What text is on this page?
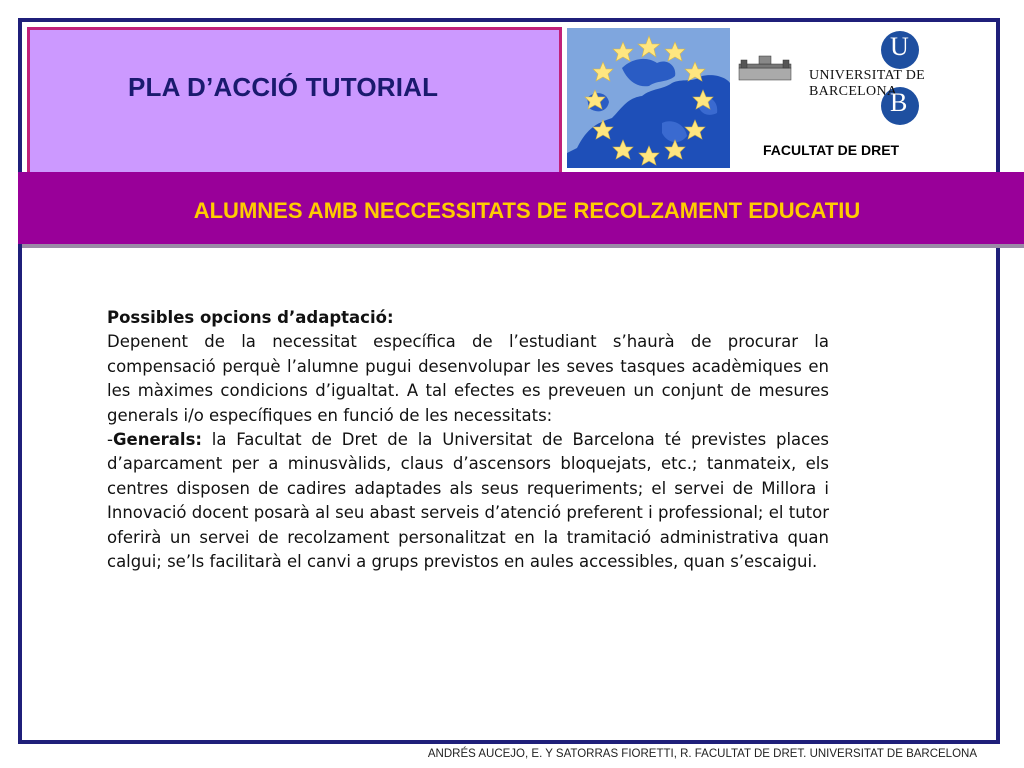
PLA D’ACCIÓ TUTORIAL
U
UNIVERSITAT DE BARCELONA
B
FACULTAT DE DRET
ALUMNES AMB NECCESSITATS DE RECOLZAMENT EDUCATIU

Possibles opcions d’adaptació:

Depenent de la necessitat específica de l’estudiant s’haurà de procurar la compensació perquè l’alumne pugui desenvolupar les seves tasques acadèmiques en les màximes condicions d’igualtat. A tal efectes es preveuen un conjunt de mesures generals i/o específiques en funció de les necessitats:

-Generals: la Facultat de Dret de la Universitat de Barcelona té previstes places d’aparcament per a minusvàlids, claus d’ascensors bloquejats, etc.; tanmateix, els centres disposen de cadires adaptades als seus requeriments; el servei de Millora i Innovació docent posarà al seu abast serveis d’atenció preferent i professional; el tutor oferirà un servei de recolzament personalitzat en la tramitació administrativa quan calgui; se’ls facilitarà el canvi a grups previstos en aules accessibles, quan s’escaigui.

ANDRÉS AUCEJO, E. Y SATORRAS FIORETTI, R. FACULTAT DE DRET. UNIVERSITAT DE BARCELONA
